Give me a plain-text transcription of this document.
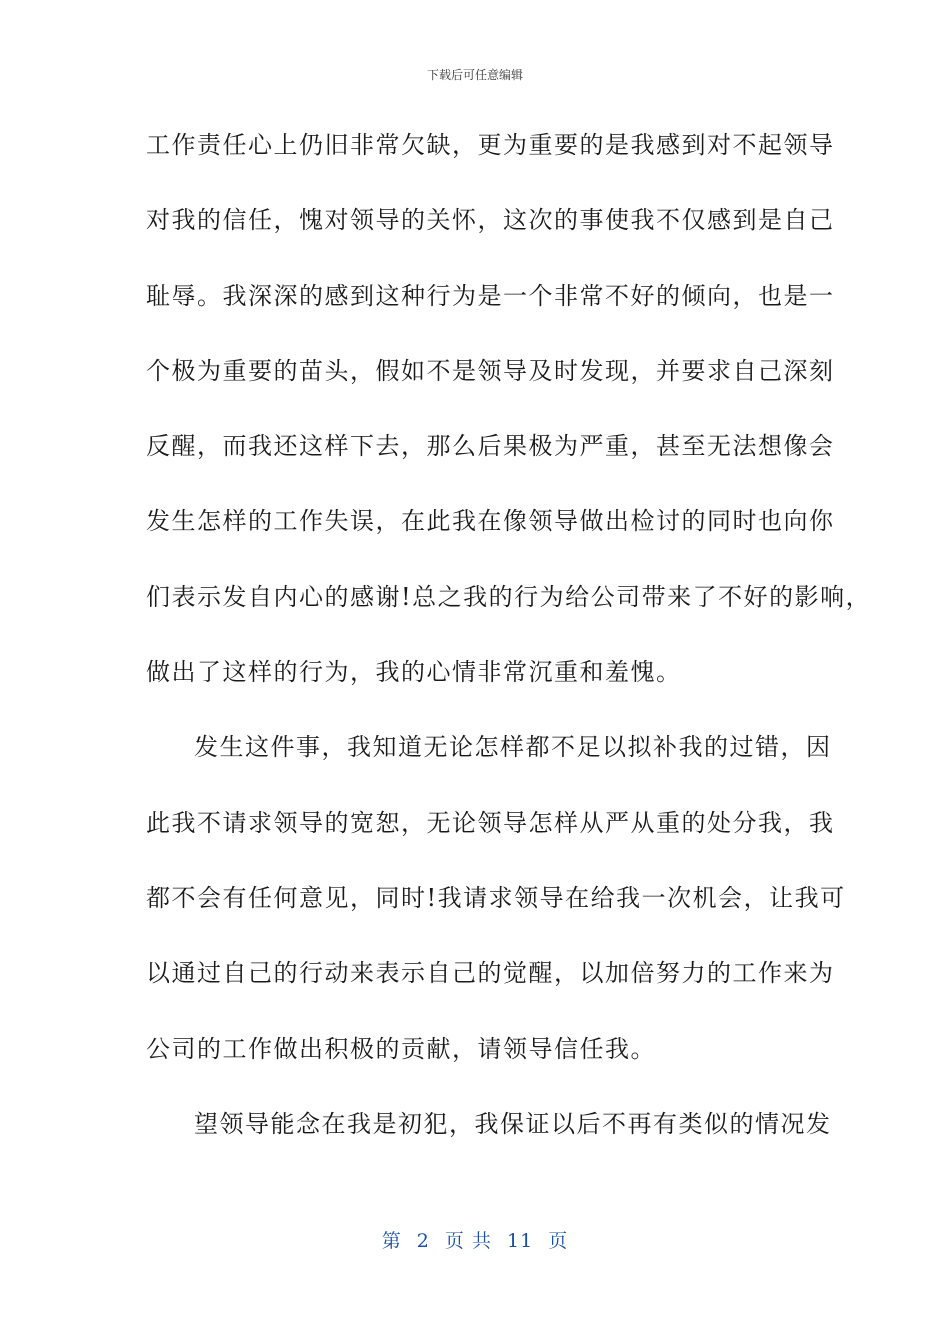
下载后可任意编辑
工作责任心上仍旧非常欠缺，更为重要的是我感到对不起领导
对我的信任，愧对领导的关怀，这次的事使我不仅感到是自己
耻辱。我深深的感到这种行为是一个非常不好的倾向，也是一
个极为重要的苗头，假如不是领导及时发现，并要求自己深刻
反醒，而我还这样下去，那么后果极为严重，甚至无法想像会
发生怎样的工作失误，在此我在像领导做出检讨的同时也向你
们表示发自内心的感谢!总之我的行为给公司带来了不好的影响，
做出了这样的行为，我的心情非常沉重和羞愧。
发生这件事，我知道无论怎样都不足以拟补我的过错，因
此我不请求领导的宽恕，无论领导怎样从严从重的处分我，我
都不会有任何意见，同时!我请求领导在给我一次机会，让我可
以通过自己的行动来表示自己的觉醒，以加倍努力的工作来为
公司的工作做出积极的贡献，请领导信任我。
望领导能念在我是初犯，我保证以后不再有类似的情况发
第 2 页 共 11 页
